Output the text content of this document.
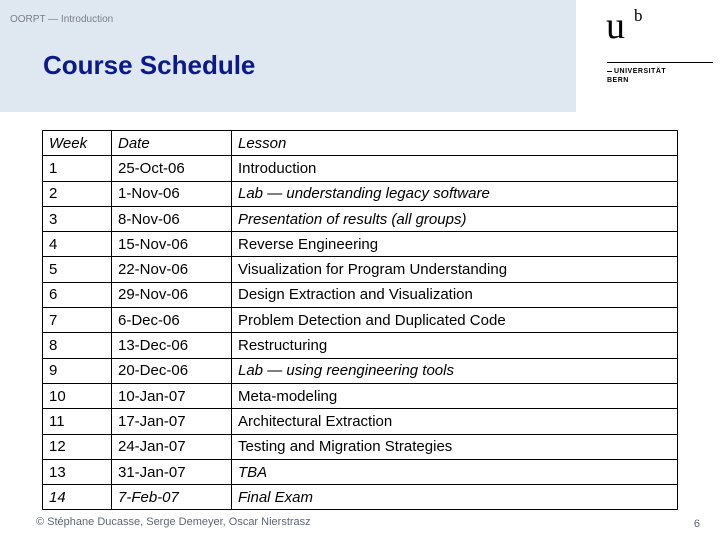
OORPT — Introduction
Course Schedule
u b
UNIVERSITÄT
BERN
Week	Date	Lesson
1	25-Oct-06	Introduction
2	1-Nov-06	Lab — understanding legacy software
3	8-Nov-06	Presentation of results (all groups)
4	15-Nov-06	Reverse Engineering
5	22-Nov-06	Visualization for Program Understanding
6	29-Nov-06	Design Extraction and Visualization
7	6-Dec-06	Problem Detection and Duplicated Code
8	13-Dec-06	Restructuring
9	20-Dec-06	Lab — using reengineering tools
10	10-Jan-07	Meta-modeling
11	17-Jan-07	Architectural Extraction
12	24-Jan-07	Testing and Migration Strategies
13	31-Jan-07	TBA
14	7-Feb-07	Final Exam
© Stéphane Ducasse, Serge Demeyer, Oscar Nierstrasz	6
